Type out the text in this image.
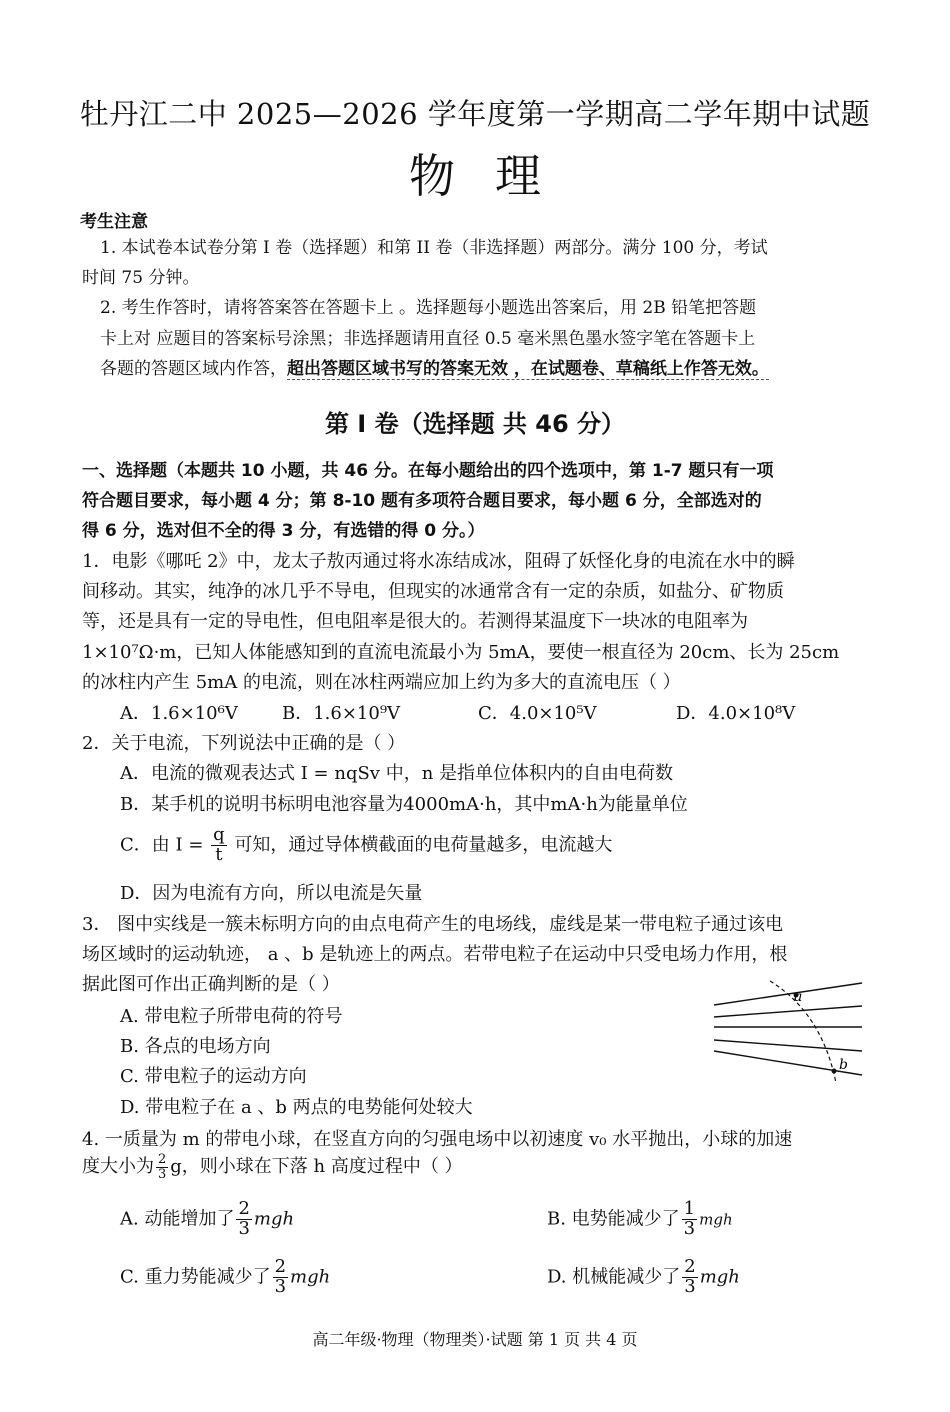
牡丹江二中 2025—2026 学年度第一学期高二学年期中试题
物理
考生注意
1. 本试卷本试卷分第 I 卷（选择题）和第 II 卷（非选择题）两部分。满分 100 分，考试
时间 75 分钟。
2. 考生作答时，请将答案答在答题卡上 。选择题每小题选出答案后，用 2B 铅笔把答题
卡上对 应题目的答案标号涂黑；非选择题请用直径 0.5 毫米黑色墨水签字笔在答题卡上
各题的答题区域内作答，超出答题区域书写的答案无效 ，在试题卷、草稿纸上作答无效。
第 I 卷（选择题 共 46 分）
一、选择题（本题共 10 小题，共 46 分。在每小题给出的四个选项中，第 1-7 题只有一项
符合题目要求，每小题 4 分；第 8-10 题有多项符合题目要求，每小题 6 分，全部选对的
得 6 分，选对但不全的得 3 分，有选错的得 0 分。）
1．电影《哪吒 2》中，龙太子敖丙通过将水冻结成冰，阻碍了妖怪化身的电流在水中的瞬
间移动。其实，纯净的冰几乎不导电，但现实的冰通常含有一定的杂质，如盐分、矿物质
等，还是具有一定的导电性，但电阻率是很大的。若测得某温度下一块冰的电阻率为
1×10⁷Ω·m，已知人体能感知到的直流电流最小为 5mA，要使一根直径为 20cm、长为 25cm
的冰柱内产生 5mA 的电流，则在冰柱两端应加上约为多大的直流电压（ ）
A．1.6×10⁶V B．1.6×10⁹V	C．4.0×10⁵V	D．4.0×10⁸V
2．关于电流，下列说法中正确的是（ ）
A．电流的微观表达式 I = nqSv 中，n 是指单位体积内的自由电荷数
B．某手机的说明书标明电池容量为4000mA·h，其中mA·h为能量单位
C．由 $I = \frac{q}{t}$ 可知，通过导体横截面的电荷量越多，电流越大
D．因为电流有方向，所以电流是矢量
3． 图中实线是一簇未标明方向的由点电荷产生的电场线，虚线是某一带电粒子通过该电
场区域时的运动轨迹， a 、b 是轨迹上的两点。若带电粒子在运动中只受电场力作用，根
据此图可作出正确判断的是（ ）
A. 带电粒子所带电荷的符号
B. 各点的电场方向
C. 带电粒子的运动方向
D. 带电粒子在 a 、b 两点的电势能何处较大
a
b
4. 一质量为 m 的带电小球，在竖直方向的匀强电场中以初速度 v₀ 水平抛出，小球的加速
度大小为 $\frac{2}{3}$ g，则小球在下落 h 高度过程中（ ）
A. 动能增加了 $\frac{2}{3}$ mgh	B. 电势能减少了 $\frac{1}{3}$ mgh
C. 重力势能减少了 $\frac{2}{3}$ mgh	D. 机械能减少了 $\frac{2}{3}$ mgh
高二年级·物理（物理类）·试题 第 1 页 共 4 页
